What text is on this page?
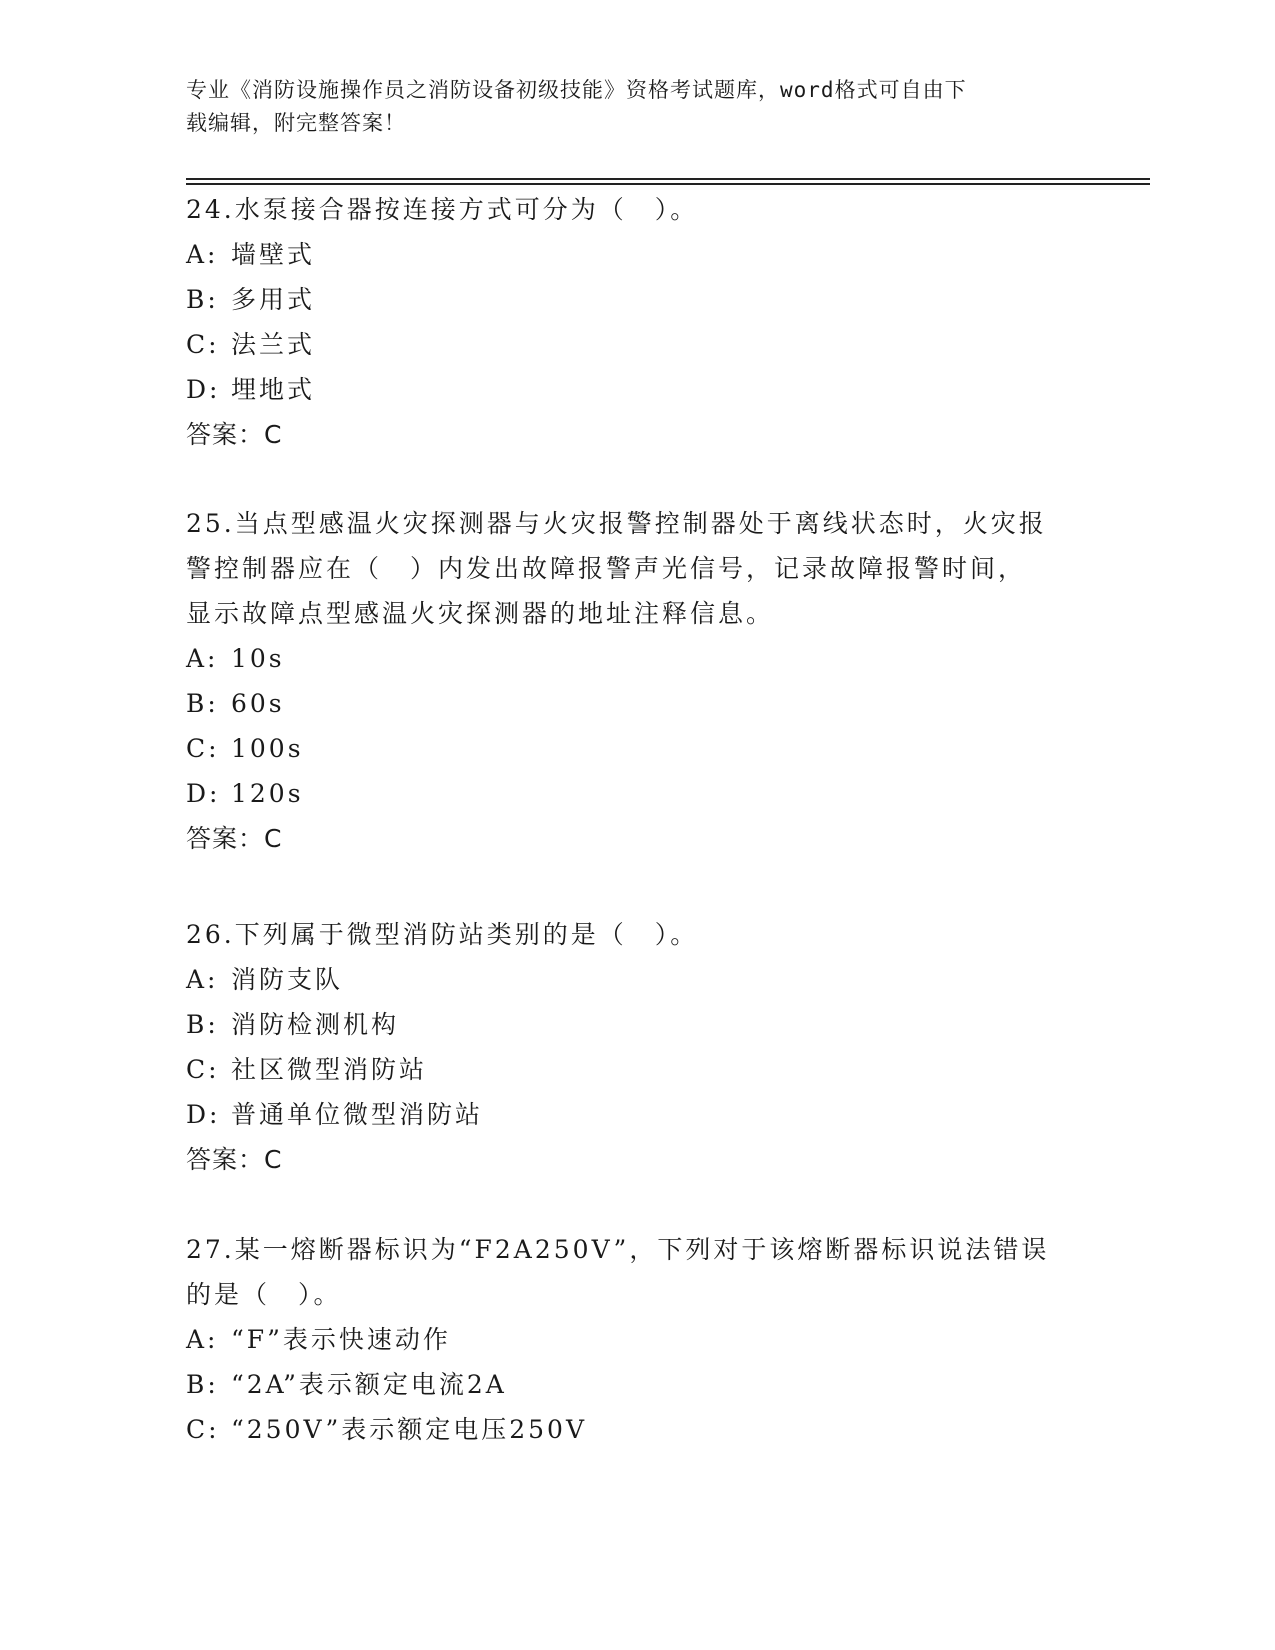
专业《消防设施操作员之消防设备初级技能》资格考试题库，word格式可自由下
载编辑，附完整答案！
24.水泵接合器按连接方式可分为（　）。
A: 墙壁式
B: 多用式
C: 法兰式
D: 埋地式
答案：C
25.当点型感温火灾探测器与火灾报警控制器处于离线状态时，火灾报
警控制器应在（　）内发出故障报警声光信号，记录故障报警时间，
显示故障点型感温火灾探测器的地址注释信息。
A: 10s
B: 60s
C: 100s
D: 120s
答案：C
26.下列属于微型消防站类别的是（　）。
A: 消防支队
B: 消防检测机构
C: 社区微型消防站
D: 普通单位微型消防站
答案：C
27.某一熔断器标识为“F2A250V”，下列对于该熔断器标识说法错误
的是（　）。
A: “F”表示快速动作
B: “2A”表示额定电流2A
C: “250V”表示额定电压250V
